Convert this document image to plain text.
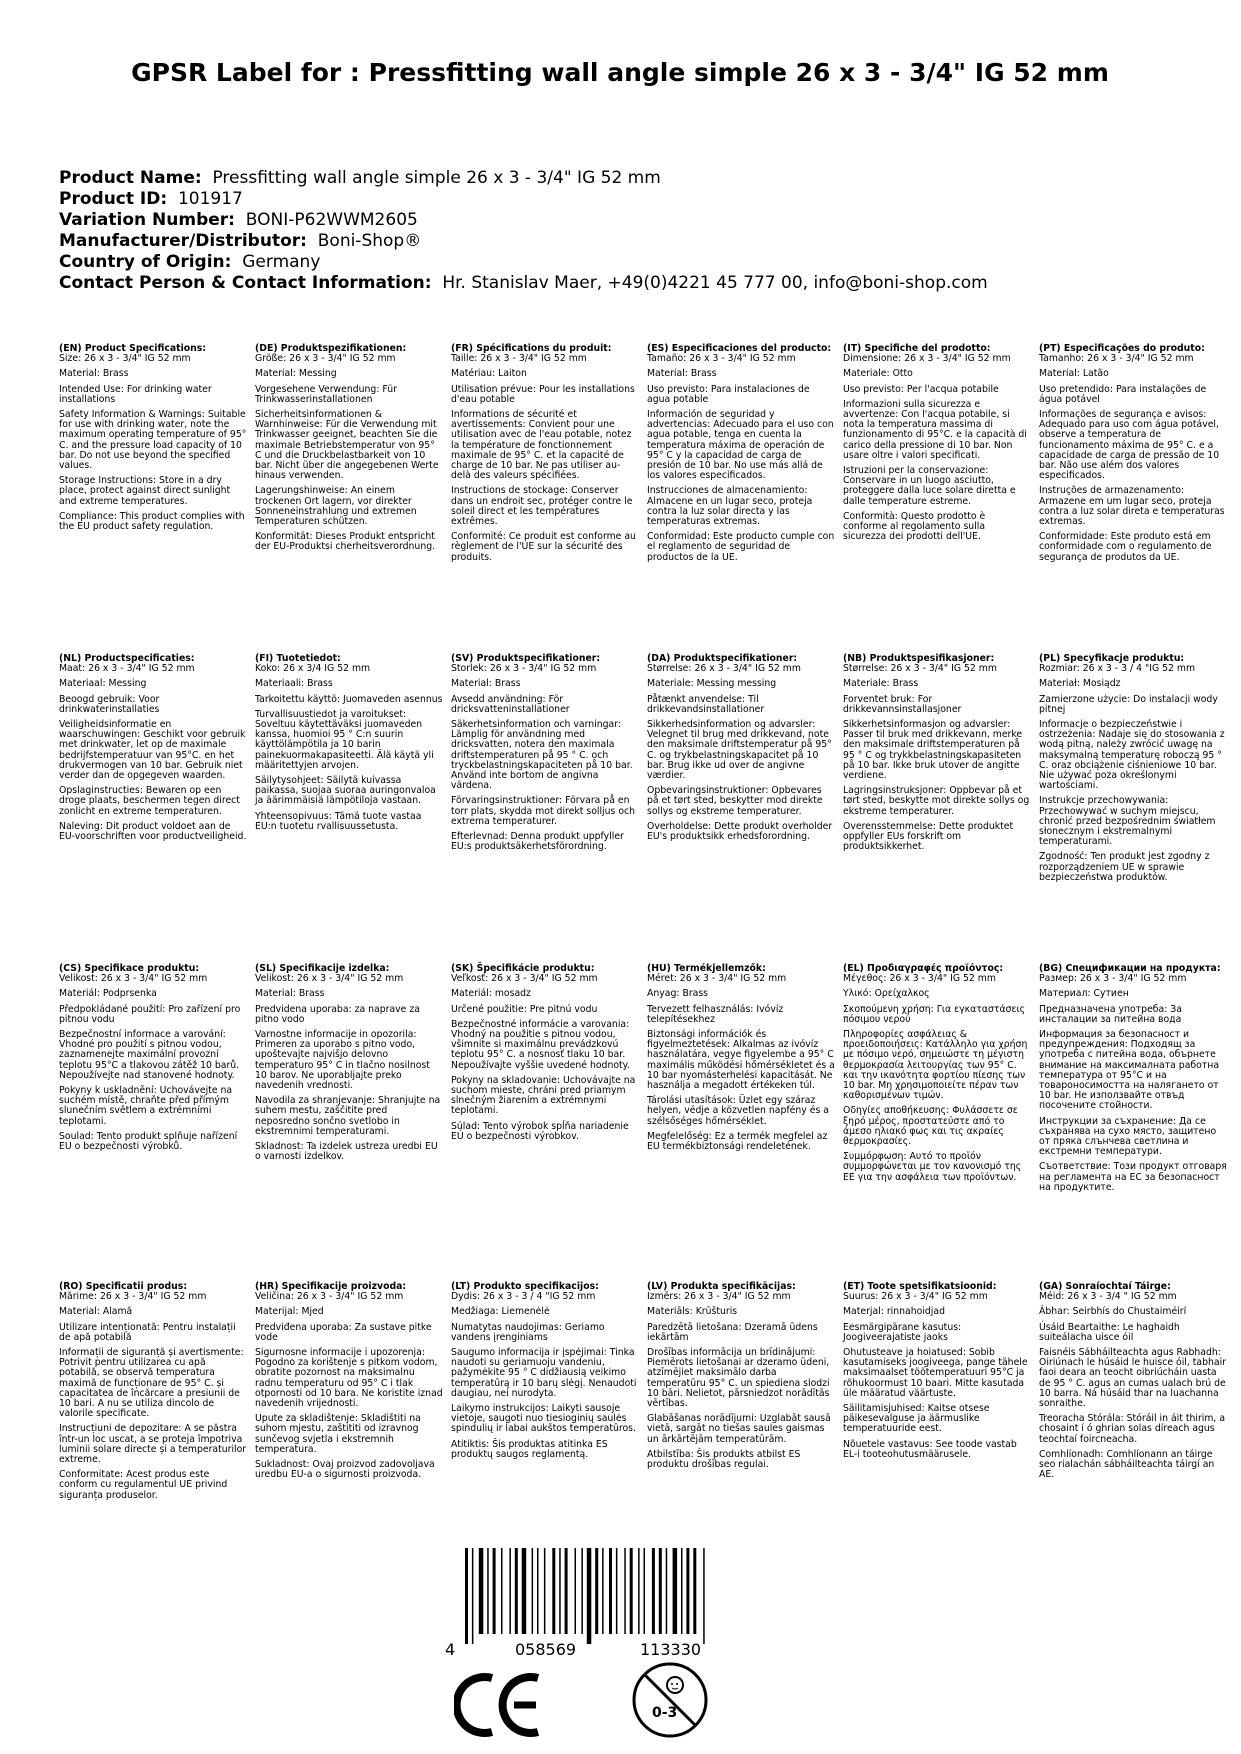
GPSR Label for : Pressfitting wall angle simple 26 x 3 - 3/4" IG 52 mm
Product Name: Pressfitting wall angle simple 26 x 3 - 3/4" IG 52 mm
Product ID: 101917
Variation Number: BONI-P62WWM2605
Manufacturer/Distributor: Boni-Shop®
Country of Origin: Germany
Contact Person & Contact Information: Hr. Stanislav Maer, +49(0)4221 45 777 00, info@boni-shop.com
(EN) Product Specifications:

Size: 26 x 3 - 3/4" IG 52 mm

Material: Brass

Intended Use: For drinking water installations

Safety Information & Warnings: Suitable for use with drinking water, note the maximum operating temperature of 95° C. and the pressure load capacity of 10 bar. Do not use beyond the specified values.

Storage Instructions: Store in a dry place, protect against direct sunlight and extreme temperatures.

Compliance: This product complies with the EU product safety regulation.

(DE) Produktspezifikationen:

Größe: 26 x 3 - 3/4" IG 52 mm

Material: Messing

Vorgesehene Verwendung: Für Trinkwasserinstallationen

Sicherheitsinformationen & Warnhinweise: Für die Verwendung mit Trinkwasser geeignet, beachten Sie die maximale Betriebstemperatur von 95° C und die Druckbelastbarkeit von 10 bar. Nicht über die angegebenen Werte hinaus verwenden.

Lagerungshinweise: An einem trockenen Ort lagern, vor direkter Sonneneinstrahlung und extremen Temperaturen schützen.

Konformität: Dieses Produkt entspricht der EU-Produktsi cherheitsverordnung.

(FR) Spécifications du produit:

Taille: 26 x 3 - 3/4" IG 52 mm

Matériau: Laiton

Utilisation prévue: Pour les installations d'eau potable

Informations de sécurité et avertissements: Convient pour une utilisation avec de l'eau potable, notez la température de fonctionnement maximale de 95° C. et la capacité de charge de 10 bar. Ne pas utiliser au-delà des valeurs spécifiées.

Instructions de stockage: Conserver dans un endroit sec, protéger contre le soleil direct et les températures extrêmes.

Conformité: Ce produit est conforme au règlement de l'UE sur la sécurité des produits.

(ES) Especificaciones del producto:

Tamaño: 26 x 3 - 3/4" IG 52 mm

Material: Brass

Uso previsto: Para instalaciones de agua potable

Información de seguridad y advertencias: Adecuado para el uso con agua potable, tenga en cuenta la temperatura máxima de operación de 95° C y la capacidad de carga de presión de 10 bar. No use más allá de los valores especificados.

Instrucciones de almacenamiento: Almacene en un lugar seco, proteja contra la luz solar directa y las temperaturas extremas.

Conformidad: Este producto cumple con el reglamento de seguridad de productos de la UE.

(IT) Specifiche del prodotto:

Dimensione: 26 x 3 - 3/4" IG 52 mm

Materiale: Otto

Uso previsto: Per l'acqua potabile

Informazioni sulla sicurezza e avvertenze: Con l'acqua potabile, si nota la temperatura massima di funzionamento di 95°C. e la capacità di carico della pressione di 10 bar. Non usare oltre i valori specificati.

Istruzioni per la conservazione: Conservare in un luogo asciutto, proteggere dalla luce solare diretta e dalle temperature estreme.

Conformità: Questo prodotto è conforme al regolamento sulla sicurezza dei prodotti dell'UE.

(PT) Especificações do produto:

Tamanho: 26 x 3 - 3/4" IG 52 mm

Material: Latão

Uso pretendido: Para instalações de água potável

Informações de segurança e avisos: Adequado para uso com água potável, observe a temperatura de funcionamento máxima de 95° C. e a capacidade de carga de pressão de 10 bar. Não use além dos valores especificados.

Instruções de armazenamento: Armazene em um lugar seco, proteja contra a luz solar direta e temperaturas extremas.

Conformidade: Este produto está em conformidade com o regulamento de segurança de produtos da UE.

(NL) Productspecificaties:

Maat: 26 x 3 - 3/4" IG 52 mm

Materiaal: Messing

Beoogd gebruik: Voor drinkwaterinstallaties

Veiligheidsinformatie en waarschuwingen: Geschikt voor gebruik met drinkwater, let op de maximale bedrijfstemperatuur van 95°C. en het drukvermogen van 10 bar. Gebruik niet verder dan de opgegeven waarden.

Opslaginstructies: Bewaren op een droge plaats, beschermen tegen direct zonlicht en extreme temperaturen.

Naleving: Dit product voldoet aan de EU-voorschriften voor productveiligheid.

(FI) Tuotetiedot:

Koko: 26 x 3/4 IG 52 mm

Materiaali: Brass

Tarkoitettu käyttö: Juomaveden asennus

Turvallisuustiedot ja varoitukset: Soveltuu käytettäväksi juomaveden kanssa, huomioi 95 ° C:n suurin käyttölämpötila ja 10 barin painekuormakapasiteetti. Älä käytä yli määritettyjen arvojen.

Säilytysohjeet: Säilytä kuivassa paikassa, suojaa suoraa auringonvaloa ja äärimmäisiä lämpötiloja vastaan.

Yhteensopivuus: Tämä tuote vastaa EU:n tuotetu rvallisuussetusta.

(SV) Produktspecifikationer:

Storlek: 26 x 3 - 3/4" IG 52 mm

Material: Brass

Avsedd användning: För dricksvatteninstallationer

Säkerhetsinformation och varningar: Lämplig för användning med dricksvatten, notera den maximala driftstemperaturen på 95 ° C. och tryckbelastningskapaciteten på 10 bar. Använd inte bortom de angivna värdena.

Förvaringsinstruktioner: Förvara på en torr plats, skydda mot direkt solljus och extrema temperaturer.

Efterlevnad: Denna produkt uppfyller EU:s produktsäkerhetsförordning.

(DA) Produktspecifikationer:

Størrelse: 26 x 3 - 3/4" IG 52 mm

Materiale: Messing messing

Påtænkt anvendelse: Til drikkevandsinstallationer

Sikkerhedsinformation og advarsler: Velegnet til brug med drikkevand, note den maksimale driftstemperatur på 95° C. og trykbelastningskapacitet på 10 bar. Brug ikke ud over de angivne værdier.

Opbevaringsinstruktioner: Opbevares på et tørt sted, beskytter mod direkte sollys og ekstreme temperaturer.

Overholdelse: Dette produkt overholder EU's produktsikk erhedsforordning.

(NB) Produktspesifikasjoner:

Størrelse: 26 x 3 - 3/4" IG 52 mm

Materiale: Brass

Forventet bruk: For drikkevannsinstallasjoner

Sikkerhetsinformasjon og advarsler: Passer til bruk med drikkevann, merke den maksimale driftstemperaturen på 95 ° C og trykkbelastningskapasiteten på 10 bar. Ikke bruk utover de angitte verdiene.

Lagringsinstruksjoner: Oppbevar på et tørt sted, beskytte mot direkte sollys og ekstreme temperaturer.

Overensstemmelse: Dette produktet oppfyller EUs forskrift om produktsikkerhet.

(PL) Specyfikacje produktu:

Rozmiar: 26 x 3 - 3 / 4 "IG 52 mm

Materiał: Mosiądz

Zamierzone użycie: Do instalacji wody pitnej

Informacje o bezpieczeństwie i ostrzeżenia: Nadaje się do stosowania z wodą pitną, należy zwrócić uwagę na maksymalną temperaturę roboczą 95 ° C. oraz obciążenie ciśnieniowe 10 bar. Nie używać poza określonymi wartościami.

Instrukcje przechowywania: Przechowywać w suchym miejscu, chronić przed bezpośrednim światłem słonecznym i ekstremalnymi temperaturami.

Zgodność: Ten produkt jest zgodny z rozporządzeniem UE w sprawie bezpieczeństwa produktów.

(CS) Specifikace produktu:

Velikost: 26 x 3 - 3/4" IG 52 mm

Materiál: Podprsenka

Předpokládané použití: Pro zařízení pro pitnou vodu

Bezpečnostní informace a varování: Vhodné pro použití s pitnou vodou, zaznamenejte maximální provozní teplotu 95°C a tlakovou zátěž 10 barů. Nepoužívejte nad stanovené hodnoty.

Pokyny k uskladnění: Uchovávejte na suchém místě, chraňte před přímým slunečním světlem a extrémními teplotami.

Soulad: Tento produkt splňuje nařízení EU o bezpečnosti výrobků.

(SL) Specifikacije izdelka:

Velikost: 26 x 3 - 3/4" IG 52 mm

Material: Brass

Predvidena uporaba: za naprave za pitno vodo

Varnostne informacije in opozorila: Primeren za uporabo s pitno vodo, upoštevajte najvišjo delovno temperaturo 95° C in tlačno nosilnost 10 barov. Ne uporabljajte preko navedenih vrednosti.

Navodila za shranjevanje: Shranjujte na suhem mestu, zaščitite pred neposredno sončno svetlobo in ekstremnimi temperaturami.

Skladnost: Ta izdelek ustreza uredbi EU o varnosti izdelkov.

(SK) Špecifikácie produktu:

Veľkosť: 26 x 3 - 3/4" IG 52 mm

Materiál: mosadz

Určené použitie: Pre pitnú vodu

Bezpečnostné informácie a varovania: Vhodný na použitie s pitnou vodou, všimnite si maximálnu prevádzkovú teplotu 95° C. a nosnosť tlaku 10 bar. Nepoužívajte vyššie uvedené hodnoty.

Pokyny na skladovanie: Uchovávajte na suchom mieste, chráni pred priamym slnečným žiarením a extrémnymi teplotami.

Súlad: Tento výrobok spĺňa nariadenie EÚ o bezpečnosti výrobkov.

(HU) Termékjellemzők:

Méret: 26 x 3 - 3/4" IG 52 mm

Anyag: Brass

Tervezett felhasználás: Ivóvíz telepítésekhez

Biztonsági információk és figyelmeztetések: Alkalmas az ivóvíz használatára, vegye figyelembe a 95° C maximális működési hőmérsékletet és a 10 bar nyomásterhelési kapacitását. Ne használja a megadott értékeken túl.

Tárolási utasítások: Üzlet egy száraz helyen, védje a közvetlen napfény és a szélsőséges hőmérséklet.

Megfelelőség: Ez a termék megfelel az EU termékbiztonsági rendeletének.

(EL) Προδιαγραφές προϊόντος:

Μέγεθος: 26 x 3 - 3/4" IG 52 mm

Υλικό: Ορείχαλκος

Σκοπούμενη χρήση: Για εγκαταστάσεις πόσιμου νερού

Πληροφορίες ασφάλειας & προειδοποιήσεις: Κατάλληλο για χρήση με πόσιμο νερό, σημειώστε τη μέγιστη θερμοκρασία λειτουργίας των 95° C. και την ικανότητα φορτίου πίεσης των 10 bar. Μη χρησιμοποιείτε πέραν των καθορισμένων τιμών.

Οδηγίες αποθήκευσης: Φυλάσσετε σε ξηρό μέρος, προστατεύστε από το άμεσο ηλιακό φως και τις ακραίες θερμοκρασίες.

Συμμόρφωση: Αυτό το προϊόν συμμορφώνεται με τον κανονισμό της ΕΕ για την ασφάλεια των προϊόντων.

(BG) Спецификации на продукта:

Размер: 26 x 3 - 3/4" IG 52 mm

Материал: Сутиен

Предназначена употреба: За инсталации за питейна вода

Информация за безопасност и предупреждения: Подходящ за употреба с питейна вода, обърнете внимание на максималната работна температура от 95°C и на товароносимостта на налягането от 10 bar. Не използвайте отвъд посочените стойности.

Инструкции за съхранение: Да се съхранява на сухо място, защитено от пряка слънчева светлина и екстремни температури.

Съответствие: Този продукт отговаря на регламента на ЕС за безопасност на продуктите.

(RO) Specificatii produs:

Mărime: 26 x 3 - 3/4" IG 52 mm

Material: Alamă

Utilizare intenționată: Pentru instalații de apă potabilă

Informații de siguranță și avertismente: Potrivit pentru utilizarea cu apă potabilă, se observă temperatura maximă de funcționare de 95° C. și capacitatea de încărcare a presiunii de 10 bari. A nu se utiliza dincolo de valorile specificate.

Instrucțiuni de depozitare: A se păstra într-un loc uscat, a se proteja împotriva luminii solare directe și a temperaturilor extreme.

Conformitate: Acest produs este conform cu regulamentul UE privind siguranța produselor.

(HR) Specifikacije proizvoda:

Veličina: 26 x 3 - 3/4" IG 52 mm

Materijal: Mjed

Predviđena uporaba: Za sustave pitke vode

Sigurnosne informacije i upozorenja: Pogodno za korištenje s pitkom vodom, obratite pozornost na maksimalnu radnu temperaturu od 95° C i tlak otpornosti od 10 bara. Ne koristite iznad navedenih vrijednosti.

Upute za skladištenje: Skladištiti na suhom mjestu, zaštititi od izravnog sunčevog svjetla i ekstremnih temperatura.

Sukladnost: Ovaj proizvod zadovoljava uredbu EU-a o sigurnosti proizvoda.

(LT) Produkto specifikacijos:

Dydis: 26 x 3 - 3 / 4 "IG 52 mm

Medžiaga: Liemenėlė

Numatytas naudojimas: Geriamo vandens įrenginiams

Saugumo informacija ir įspėjimai: Tinka naudoti su geriamuoju vandeniu, pažymėkite 95 ° C didžiausią veikimo temperatūrą ir 10 barų slėgį. Nenaudoti daugiau, nei nurodyta.

Laikymo instrukcijos: Laikyti sausoje vietoje, saugoti nuo tiesioginių saulės spindulių ir labai aukštos temperatūros.

Atitiktis: Šis produktas atitinka ES produktų saugos reglamentą.

(LV) Produkta specifikācijas:

Izmērs: 26 x 3 - 3/4" IG 52 mm

Materiāls: Krūšturis

Paredzētā lietošana: Dzeramā ūdens iekārtām

Drošības informācija un brīdinājumi: Piemērots lietošanai ar dzeramo ūdeni, atzīmējiet maksimālo darba temperatūru 95° C. un spiediena slodzi 10 bāri. Nelietot, pārsniedzot norādītās vērtības.

Glabāšanas norādījumi: Uzglabāt sausā vietā, sargāt no tiešas saules gaismas un ārkārtējām temperatūrām.

Atbilstība: Šis produkts atbilst ES produktu drošības regulai.

(ET) Toote spetsifikatsioonid:

Suurus: 26 x 3 - 3/4" IG 52 mm

Materjal: rinnahoidjad

Eesmärgipärane kasutus: Joogiveerajatiste jaoks

Ohutusteave ja hoiatused: Sobib kasutamiseks joogiveega, pange tähele maksimaalset töötemperatuuri 95°C ja rõhukoormust 10 baari. Mitte kasutada üle määratud väärtuste.

Säilitamisjuhised: Kaitse otsese päikesevalguse ja äärmuslike temperatuuride eest.

Nõuetele vastavus: See toode vastab EL-i tooteohutusmäärusele.

(GA) Sonraíochtaí Táirge:

Méid: 26 x 3 - 3/4 " IG 52 mm

Ábhar: Seirbhís do Chustaiméirí

Úsáid Beartaithe: Le haghaidh suiteálacha uisce óil

Faisnéis Sábháilteachta agus Rabhadh: Oiriúnach le húsáid le huisce óil, tabhair faoi deara an teocht oibriúcháin uasta de 95 ° C. agus an cumas ualach brú de 10 barra. Ná húsáid thar na luachanna sonraithe.

Treoracha Stórála: Stóráil in áit thirim, a chosaint í ó ghrian solas díreach agus teochtaí foircneacha.

Comhlíonadh: Comhlíonann an táirge seo rialachán sábháilteachta táirgí an AE.

4	058569	113330
0-3
